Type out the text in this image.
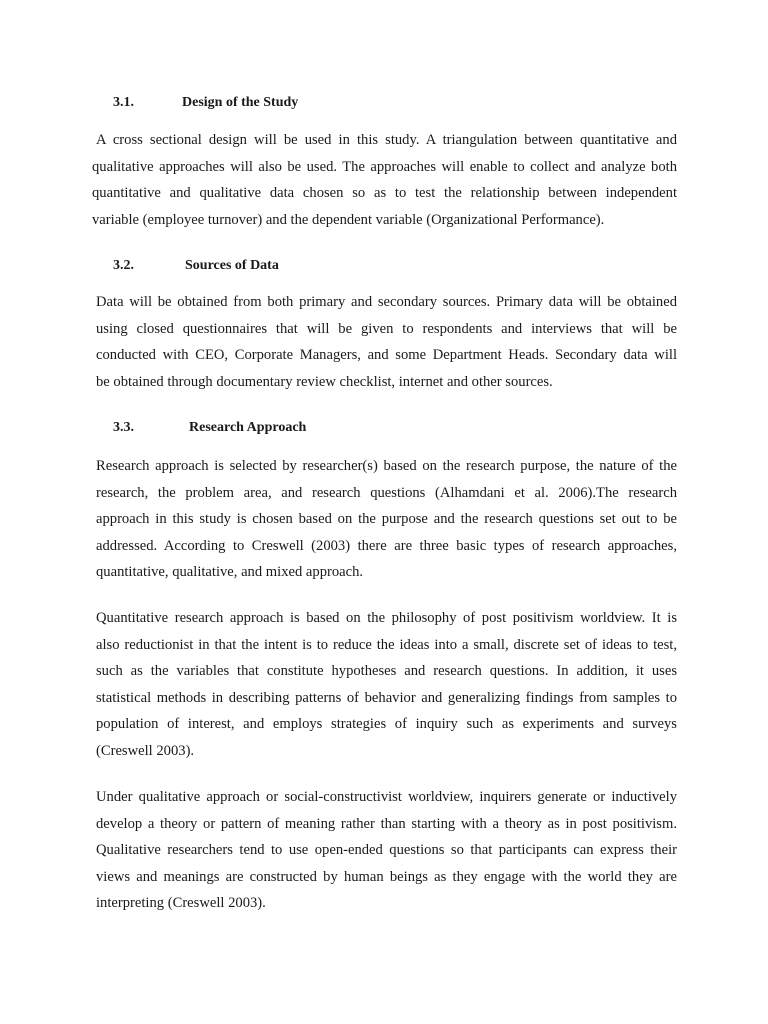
3.1.	Design of the Study
A cross sectional design will be used in this study. A triangulation between quantitative and
qualitative approaches will also be used. The approaches will enable to collect and analyze both
quantitative and qualitative data chosen so as to test the relationship between independent
variable (employee turnover) and the dependent variable (Organizational Performance).
3.2.	Sources of Data
Data will be obtained from both primary and secondary sources. Primary data will be obtained
using closed questionnaires that will be given to respondents and interviews that will be
conducted with CEO, Corporate Managers, and some Department Heads. Secondary data will
be obtained through documentary review checklist, internet and other sources.
3.3.	Research Approach
Research approach is selected by researcher(s) based on the research purpose, the nature of the
research, the problem area, and research questions (Alhamdani et al. 2006).The research
approach in this study is chosen based on the purpose and the research questions set out to be
addressed. According to Creswell (2003) there are three basic types of research approaches,
quantitative, qualitative, and mixed approach.
Quantitative research approach is based on the philosophy of post positivism worldview. It is
also reductionist in that the intent is to reduce the ideas into a small, discrete set of ideas to test,
such as the variables that constitute hypotheses and research questions. In addition, it uses
statistical methods in describing patterns of behavior and generalizing findings from samples to
population of interest, and employs strategies of inquiry such as experiments and surveys
(Creswell 2003).
Under qualitative approach or social-constructivist worldview, inquirers generate or inductively
develop a theory or pattern of meaning rather than starting with a theory as in post positivism.
Qualitative researchers tend to use open-ended questions so that participants can express their
views and meanings are constructed by human beings as they engage with the world they are
interpreting (Creswell 2003).
